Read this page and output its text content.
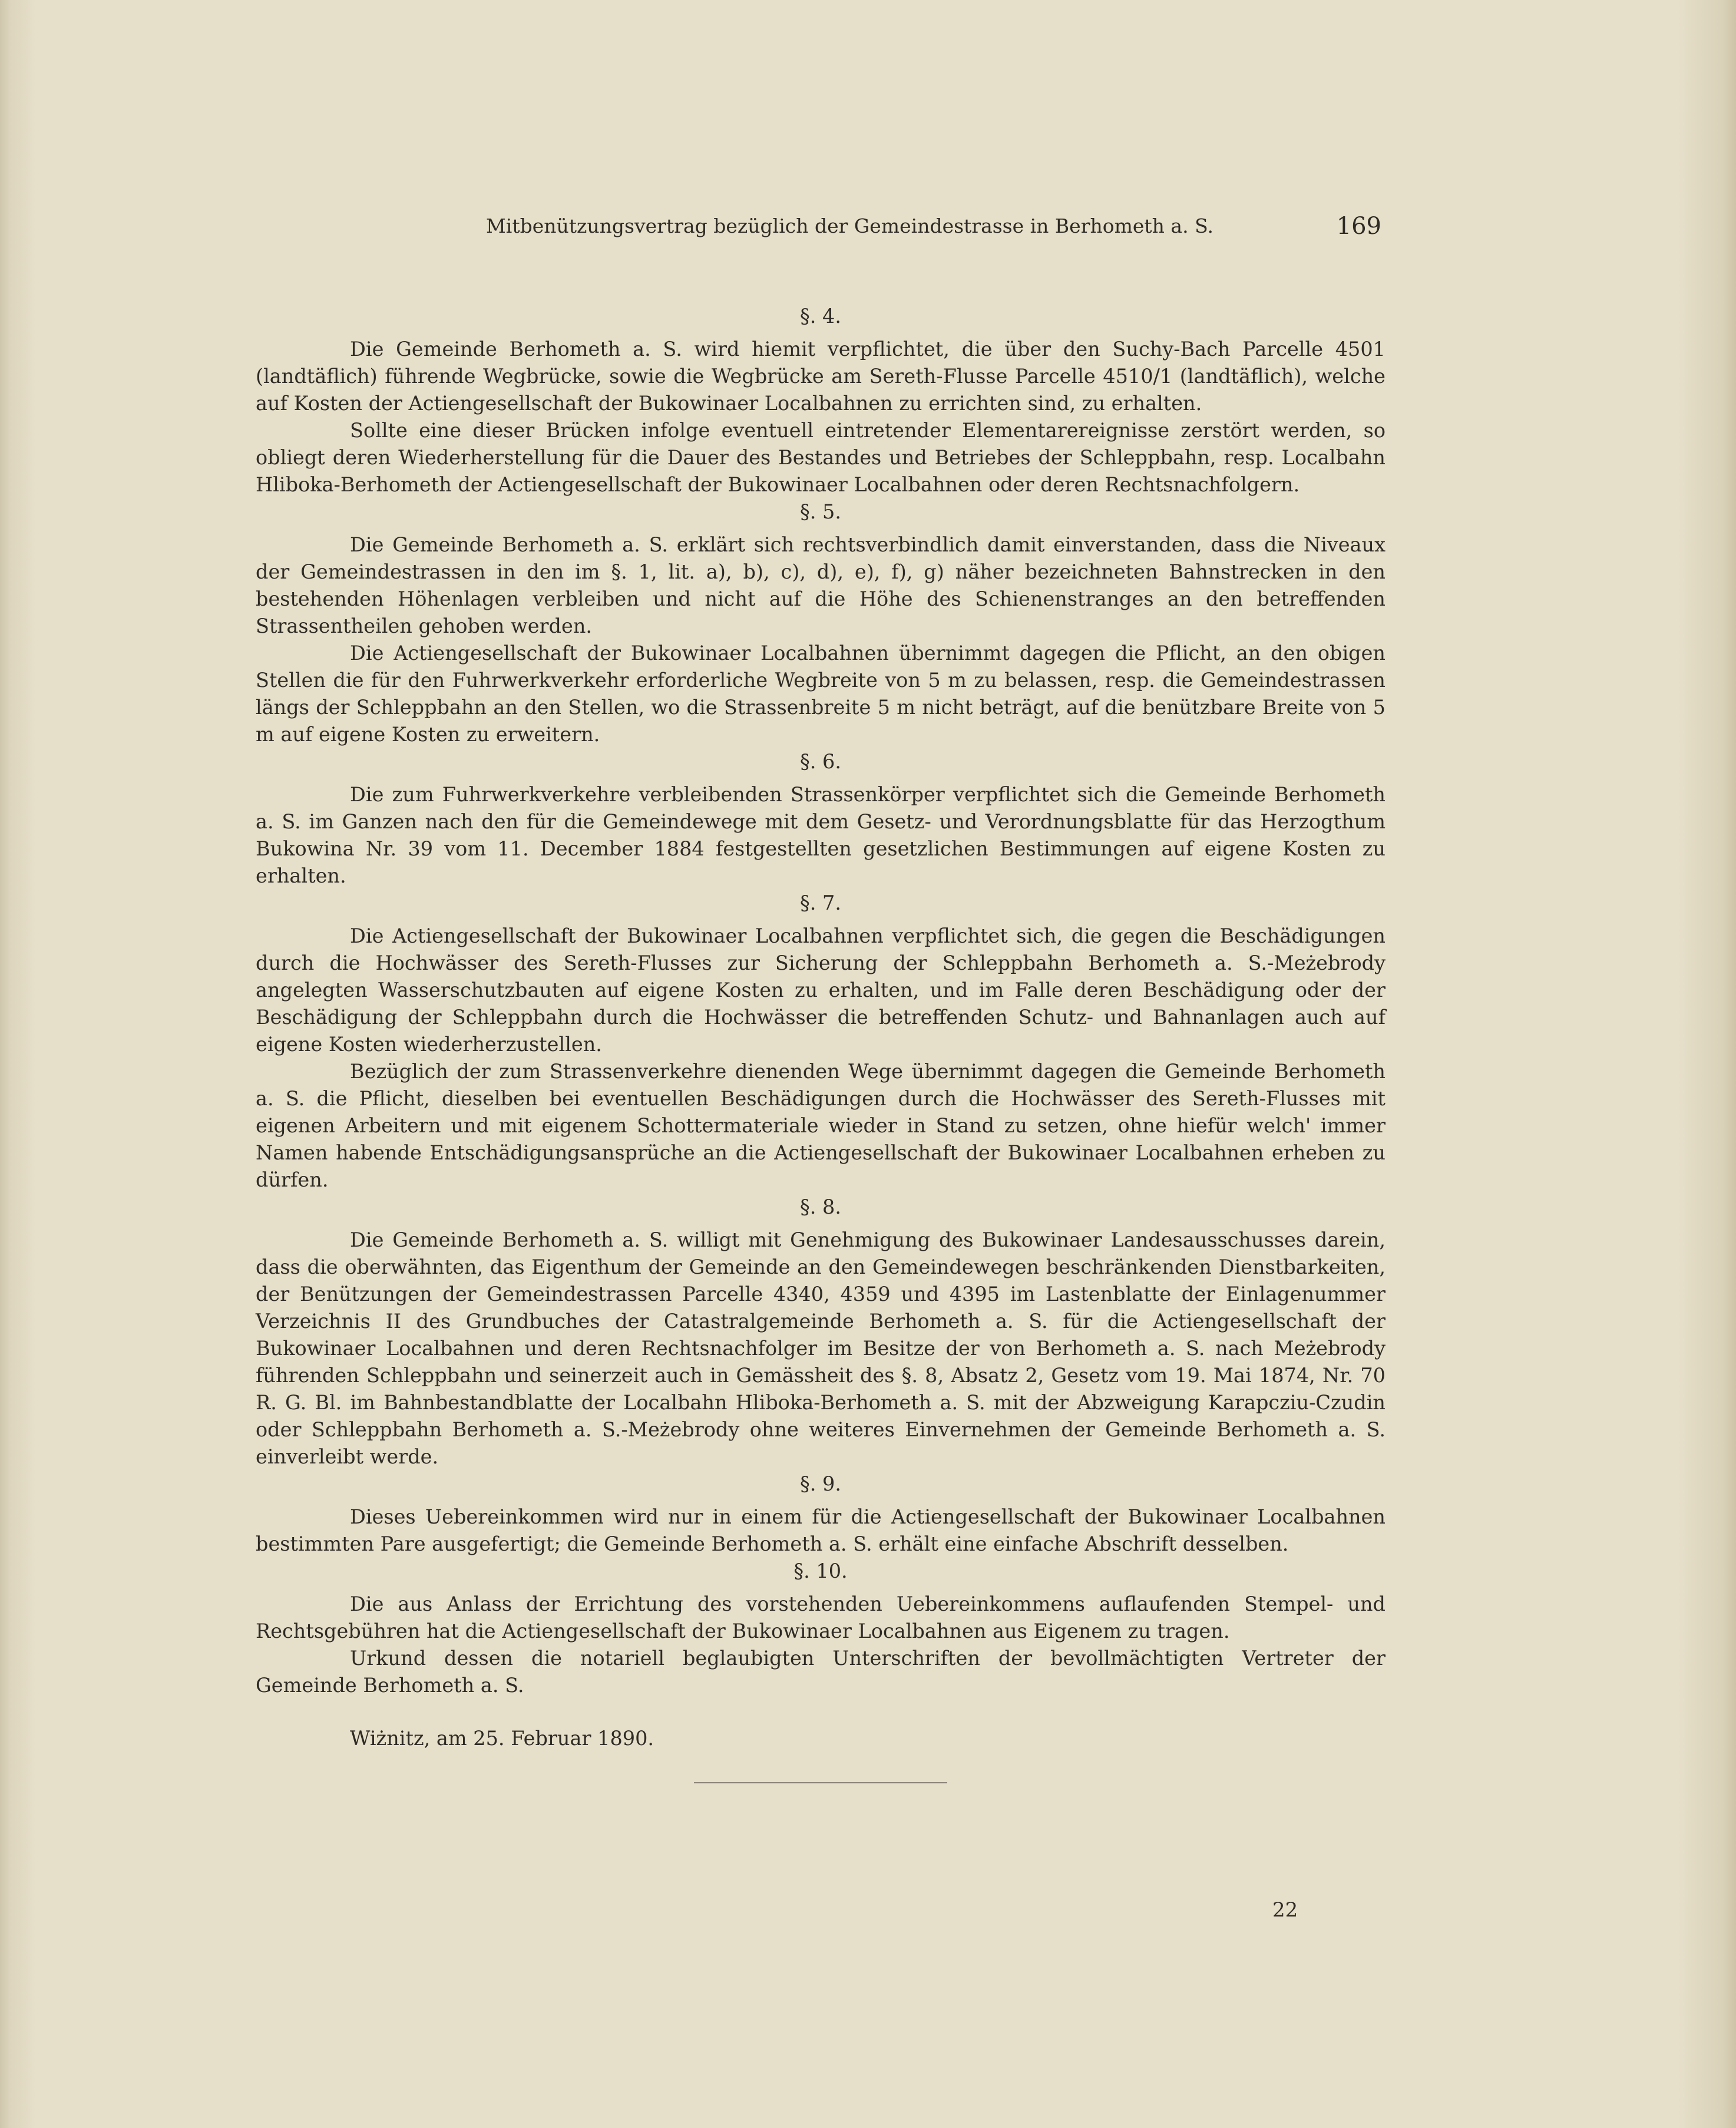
Mitbenützungsvertrag bezüglich der Gemeindestrasse in Berhometh a. S.	169
§. 4.

Die Gemeinde Berhometh a. S. wird hiemit verpflichtet, die über den Suchy-Bach Parcelle 4501 (landtäflich) führende Wegbrücke, sowie die Wegbrücke am Sereth-Flusse Parcelle 4510/1 (landtäflich), welche auf Kosten der Actiengesellschaft der Bukowinaer Localbahnen zu errichten sind, zu erhalten.

Sollte eine dieser Brücken infolge eventuell eintretender Elementarereignisse zerstört werden, so obliegt deren Wiederherstellung für die Dauer des Bestandes und Betriebes der Schleppbahn, resp. Localbahn Hliboka-Berhometh der Actiengesellschaft der Bukowinaer Localbahnen oder deren Rechtsnachfolgern.

§. 5.

Die Gemeinde Berhometh a. S. erklärt sich rechtsverbindlich damit einverstanden, dass die Niveaux der Gemeindestrassen in den im §. 1, lit. a), b), c), d), e), f), g) näher bezeichneten Bahnstrecken in den bestehenden Höhenlagen verbleiben und nicht auf die Höhe des Schienenstranges an den betreffenden Strassentheilen gehoben werden.

Die Actiengesellschaft der Bukowinaer Localbahnen übernimmt dagegen die Pflicht, an den obigen Stellen die für den Fuhrwerkverkehr erforderliche Wegbreite von 5 m zu belassen, resp. die Gemeindestrassen längs der Schleppbahn an den Stellen, wo die Strassenbreite 5 m nicht beträgt, auf die benützbare Breite von 5 m auf eigene Kosten zu erweitern.

§. 6.

Die zum Fuhrwerkverkehre verbleibenden Strassenkörper verpflichtet sich die Gemeinde Berhometh a. S. im Ganzen nach den für die Gemeindewege mit dem Gesetz- und Verordnungsblatte für das Herzogthum Bukowina Nr. 39 vom 11. December 1884 festgestellten gesetzlichen Bestimmungen auf eigene Kosten zu erhalten.

§. 7.

Die Actiengesellschaft der Bukowinaer Localbahnen verpflichtet sich, die gegen die Beschädigungen durch die Hochwässer des Sereth-Flusses zur Sicherung der Schleppbahn Berhometh a. S.-Meżebrody angelegten Wasserschutzbauten auf eigene Kosten zu erhalten, und im Falle deren Beschädigung oder der Beschädigung der Schleppbahn durch die Hochwässer die betreffenden Schutz- und Bahnanlagen auch auf eigene Kosten wiederherzustellen.

Bezüglich der zum Strassenverkehre dienenden Wege übernimmt dagegen die Gemeinde Berhometh a. S. die Pflicht, dieselben bei eventuellen Beschädigungen durch die Hochwässer des Sereth-Flusses mit eigenen Arbeitern und mit eigenem Schottermateriale wieder in Stand zu setzen, ohne hiefür welch' immer Namen habende Entschädigungsansprüche an die Actiengesellschaft der Bukowinaer Localbahnen erheben zu dürfen.

§. 8.

Die Gemeinde Berhometh a. S. willigt mit Genehmigung des Bukowinaer Landesausschusses darein, dass die oberwähnten, das Eigenthum der Gemeinde an den Gemeindewegen beschränkenden Dienstbarkeiten, der Benützungen der Gemeindestrassen Parcelle 4340, 4359 und 4395 im Lastenblatte der Einlagenummer Verzeichnis II des Grundbuches der Catastralgemeinde Berhometh a. S. für die Actiengesellschaft der Bukowinaer Localbahnen und deren Rechtsnachfolger im Besitze der von Berhometh a. S. nach Meżebrody führenden Schleppbahn und seinerzeit auch in Gemässheit des §. 8, Absatz 2, Gesetz vom 19. Mai 1874, Nr. 70 R. G. Bl. im Bahnbestandblatte der Localbahn Hliboka-Berhometh a. S. mit der Abzweigung Karapcziu-Czudin oder Schleppbahn Berhometh a. S.-Meżebrody ohne weiteres Einvernehmen der Gemeinde Berhometh a. S. einverleibt werde.

§. 9.

Dieses Uebereinkommen wird nur in einem für die Actiengesellschaft der Bukowinaer Localbahnen bestimmten Pare ausgefertigt; die Gemeinde Berhometh a. S. erhält eine einfache Abschrift desselben.

§. 10.

Die aus Anlass der Errichtung des vorstehenden Uebereinkommens auflaufenden Stempel- und Rechtsgebühren hat die Actiengesellschaft der Bukowinaer Localbahnen aus Eigenem zu tragen.

Urkund dessen die notariell beglaubigten Unterschriften der bevollmächtigten Vertreter der Gemeinde Berhometh a. S.

Wiżnitz, am 25. Februar 1890.

22
